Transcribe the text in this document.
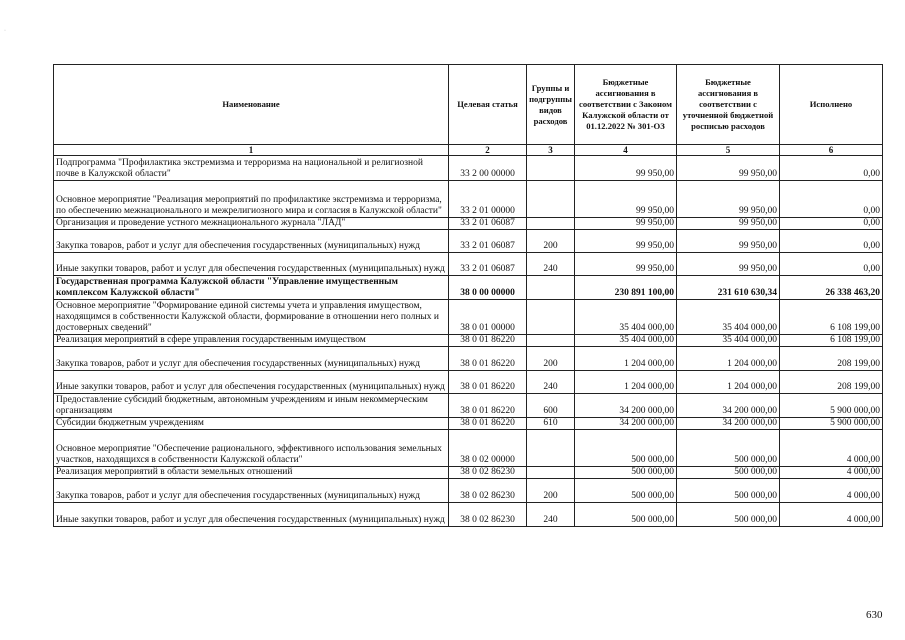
Наименование	Целевая статья	Группы и подгруппы видов расходов	Бюджетные ассигнования в соответствии с Законом Калужской области от 01.12.2022 № 301-ОЗ	Бюджетные ассигнования в соответствии с уточненной бюджетной росписью расходов	Исполнено
1	2	3	4	5	6
Подпрограмма "Профилактика экстремизма и терроризма на национальной и религиозной почве в Калужской области"	33 2 00 00000		99 950,00	99 950,00	0,00
Основное мероприятие "Реализация мероприятий по профилактике экстремизма и терроризма, по обеспечению межнационального и межрелигиозного мира и согласия в Калужской области"	33 2 01 00000		99 950,00	99 950,00	0,00
Организация и проведение устного межнационального журнала "ЛАД"	33 2 01 06087		99 950,00	99 950,00	0,00
Закупка товаров, работ и услуг для обеспечения государственных (муниципальных) нужд	33 2 01 06087	200	99 950,00	99 950,00	0,00
Иные закупки товаров, работ и услуг для обеспечения государственных (муниципальных) нужд	33 2 01 06087	240	99 950,00	99 950,00	0,00
Государственная программа Калужской области "Управление имущественным комплексом Калужской области"	38 0 00 00000		230 891 100,00	231 610 630,34	26 338 463,20
Основное мероприятие "Формирование единой системы учета и управления имуществом, находящимся в собственности Калужской области, формирование в отношении него полных и достоверных сведений"	38 0 01 00000		35 404 000,00	35 404 000,00	6 108 199,00
Реализация мероприятий в сфере управления государственным имуществом	38 0 01 86220		35 404 000,00	35 404 000,00	6 108 199,00
Закупка товаров, работ и услуг для обеспечения государственных (муниципальных) нужд	38 0 01 86220	200	1 204 000,00	1 204 000,00	208 199,00
Иные закупки товаров, работ и услуг для обеспечения государственных (муниципальных) нужд	38 0 01 86220	240	1 204 000,00	1 204 000,00	208 199,00
Предоставление субсидий бюджетным, автономным учреждениям и иным некоммерческим организациям	38 0 01 86220	600	34 200 000,00	34 200 000,00	5 900 000,00
Субсидии бюджетным учреждениям	38 0 01 86220	610	34 200 000,00	34 200 000,00	5 900 000,00
Основное мероприятие "Обеспечение рационального, эффективного использования земельных участков, находящихся в собственности Калужской области"	38 0 02 00000		500 000,00	500 000,00	4 000,00
Реализация мероприятий в области земельных отношений	38 0 02 86230		500 000,00	500 000,00	4 000,00
Закупка товаров, работ и услуг для обеспечения государственных (муниципальных) нужд	38 0 02 86230	200	500 000,00	500 000,00	4 000,00
Иные закупки товаров, работ и услуг для обеспечения государственных (муниципальных) нужд	38 0 02 86230	240	500 000,00	500 000,00	4 000,00
630
·
